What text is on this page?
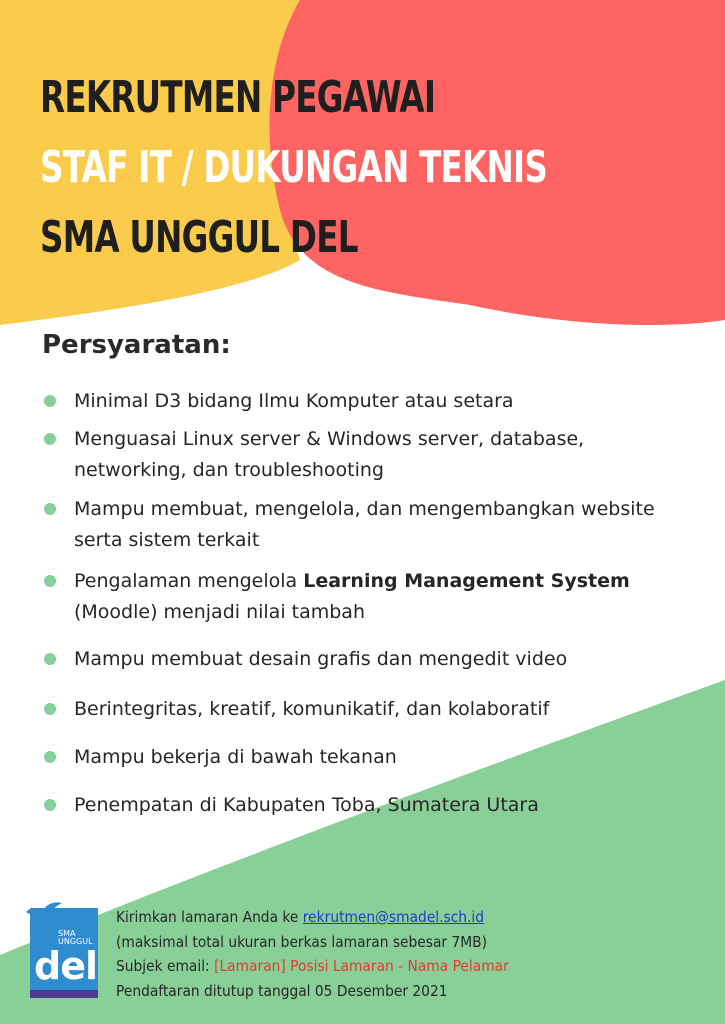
REKRUTMEN PEGAWAI
STAF IT / DUKUNGAN TEKNIS
SMA UNGGUL DEL
Persyaratan:
Minimal D3 bidang Ilmu Komputer atau setara
Menguasai Linux server & Windows server, database, networking, dan troubleshooting
Mampu membuat, mengelola, dan mengembangkan website serta sistem terkait
Pengalaman mengelola Learning Management System (Moodle) menjadi nilai tambah
Mampu membuat desain grafis dan mengedit video
Berintegritas, kreatif, komunikatif, dan kolaboratif
Mampu bekerja di bawah tekanan
Penempatan di Kabupaten Toba, Sumatera Utara
SMA
UNGGUL
del
Kirimkan lamaran Anda ke rekrutmen@smadel.sch.id
(maksimal total ukuran berkas lamaran sebesar 7MB)
Subjek email: [Lamaran] Posisi Lamaran - Nama Pelamar
Pendaftaran ditutup tanggal 05 Desember 2021
